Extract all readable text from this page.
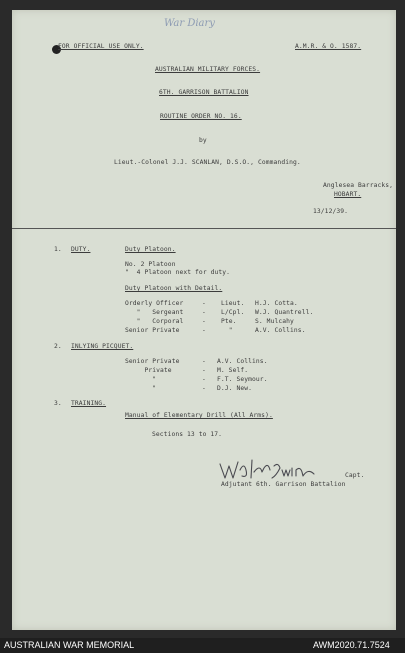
War Diary
FOR OFFICIAL USE ONLY.	A.M.R. & O. 1587.
AUSTRALIAN MILITARY FORCES.
6TH. GARRISON BATTALION
ROUTINE ORDER NO. 16.
by
Lieut.-Colonel J.J. SCANLAN, D.S.O., Commanding.
Anglesea Barracks,
HOBART.
13/12/39.
1. DUTY.	Duty Platoon.
No. 2 Platoon
"  4 Platoon next for duty.
Duty Platoon with Detail.
Orderly Officer	- Lieut. H.J. Cotta.
"   Sergeant	- L/Cpl. W.J. Quantrell.
"   Corporal	- Pte.	S. Mulcahy
Senior Private	- "	A.V. Collins.
2. INLYING PICQUET.
Senior Private	- A.V. Collins.
Private	- M. Self.
"	- F.T. Seymour.
"	- D.J. New.
3. TRAINING.
Manual of Elementary Drill (All Arms).
Sections 13 to 17.
Capt.
Adjutant 6th. Garrison Battalion
AUSTRALIAN WAR MEMORIAL	AWM2020.71.7524
